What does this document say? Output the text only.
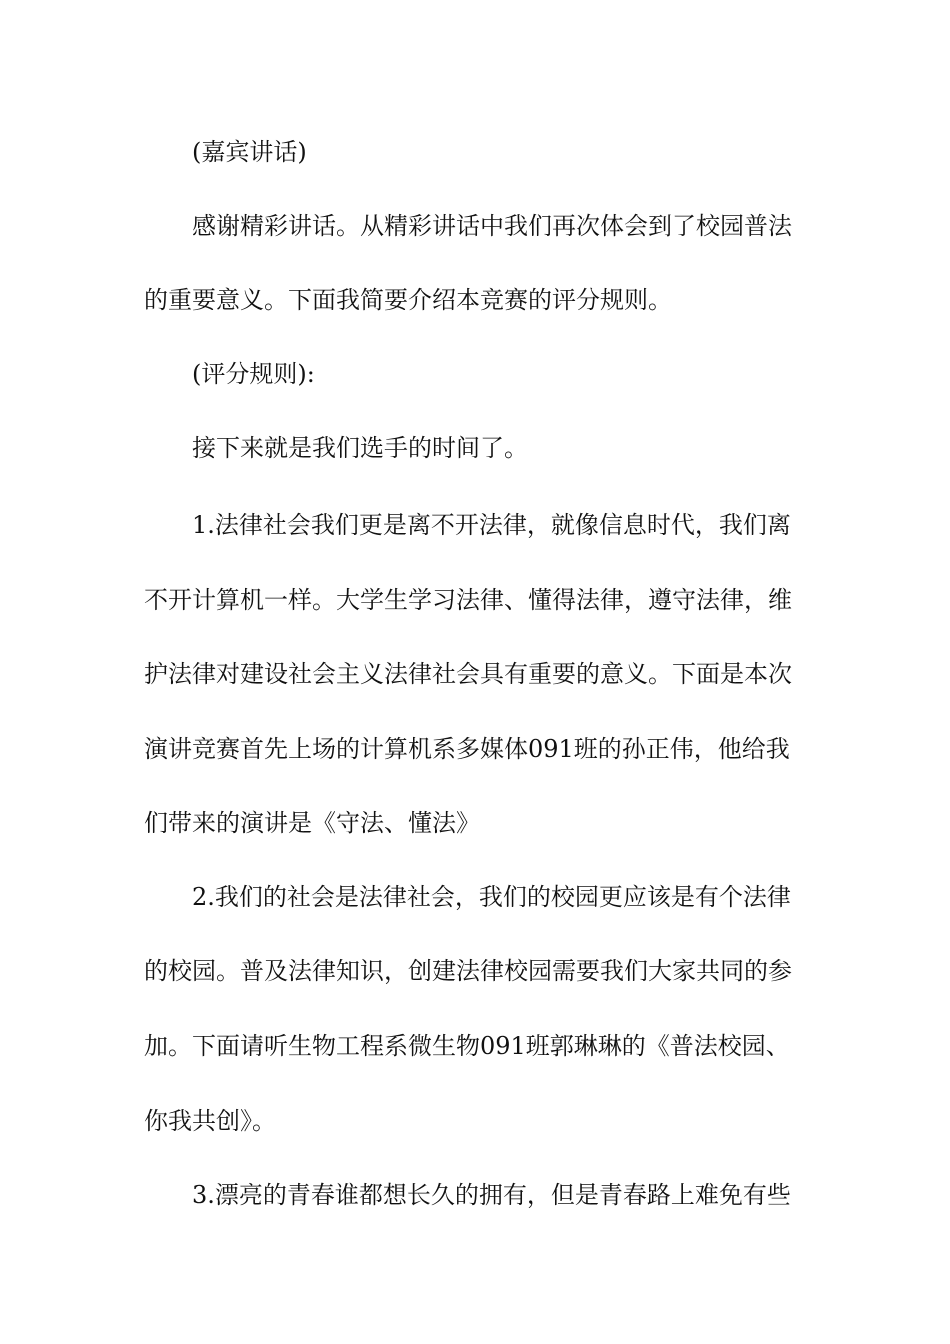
(嘉宾讲话)
感谢精彩讲话。从精彩讲话中我们再次体会到了校园普法
的重要意义。下面我简要介绍本竞赛的评分规则。
(评分规则):
接下来就是我们选手的时间了。
1.法律社会我们更是离不开法律，就像信息时代，我们离
不开计算机一样。大学生学习法律、懂得法律，遵守法律，维
护法律对建设社会主义法律社会具有重要的意义。下面是本次
演讲竞赛首先上场的计算机系多媒体091班的孙正伟，他给我
们带来的演讲是《守法、懂法》
2.我们的社会是法律社会，我们的校园更应该是有个法律
的校园。普及法律知识，创建法律校园需要我们大家共同的参
加。下面请听生物工程系微生物091班郭琳琳的《普法校园、
你我共创》。
3.漂亮的青春谁都想长久的拥有，但是青春路上难免有些
